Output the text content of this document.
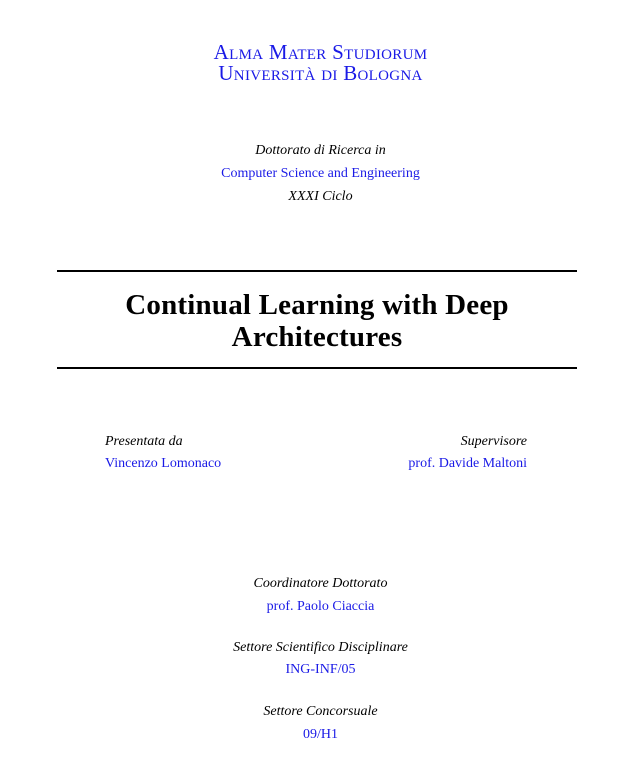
Alma Mater Studiorum
Università di Bologna
Dottorato di Ricerca in
Computer Science and Engineering
XXXI Ciclo
Continual Learning with Deep
Architectures
Presentata da
Vincenzo Lomonaco
Supervisore
prof. Davide Maltoni
Coordinatore Dottorato
prof. Paolo Ciaccia
Settore Scientifico Disciplinare
ING-INF/05
Settore Concorsuale
09/H1
